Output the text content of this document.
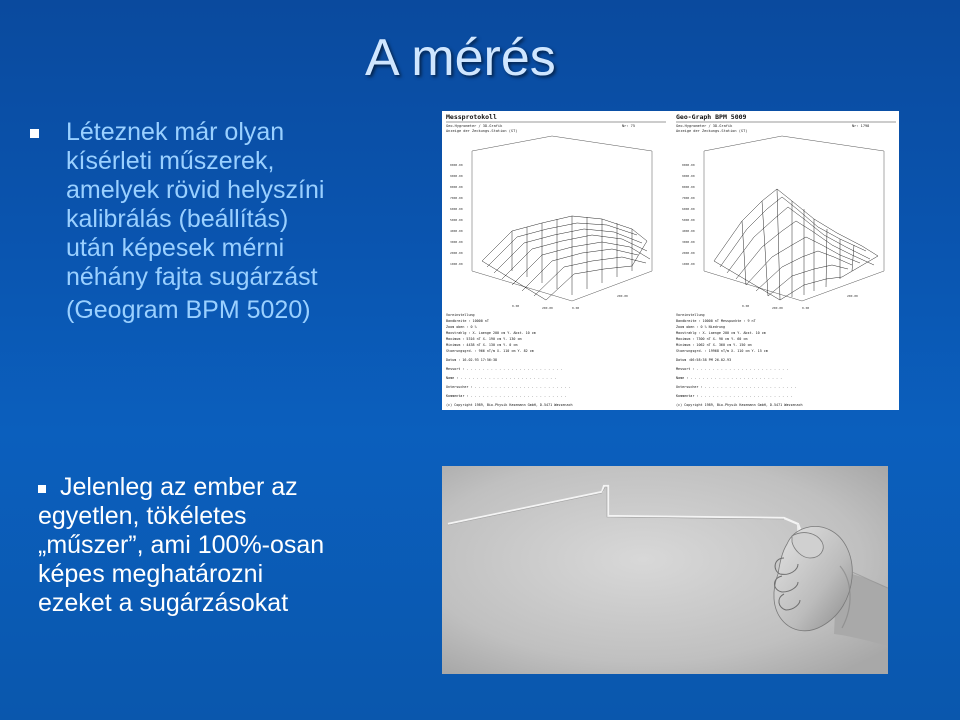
A mérés
Léteznek már olyan
kísérleti műszerek,
amelyek rövid helyszíni
kalibrálás (beállítás)
után képesek mérni
néhány fajta sugárzást
(Geogram BPM 5020)
Jelenleg az ember az
egyetlen, tökéletes
„műszer”, ami 100%-osan
képes meghatározni
ezeket a sugárzásokat
Messprotokoll
Geo-Hygrometer / 3D-Grafik
Anzeige der Zeckungs-Station (ST)
Nr: 75
0000.00
9000.00
8000.00
7000.00
6000.00
5000.00
4000.00
3000.00
2000.00
1000.00
0.00	200.00	0.00
200.00
Voreinstellung
Bandbreite : 10000 nT
Zoom oben : 0 %
Maxstrahlg : X- Laenge 200 cm Y- Abst. 10 cm
Maximum : 5316 nT X- 190 cm Y- 130 cm
Minimum : 4438 nT X- 130 cm Y- 0 cm
Stoerungsgrd. : 966 nT/m X- 110 cm Y- 82 cm
Datum : 16.02.93 17:56:38
Messort : . . . . . . . . . . . . . . . . . . . . . . . .
Name : . . . . . . . . . . . . . . . . . . . . . . . .
Untersucher : . . . . . . . . . . . . . . . . . . . . . . . .
Kommentar : . . . . . . . . . . . . . . . . . . . . . . . .
(c) Copyright 1989, Bio-Physik Hasemann GmbH, D-5471 Wassenach
Geo-Graph BPM 5009
Geo-Hygrometer / 3D-Grafik
Anzeige der Zeckungs-Station (ST)
Nr: 1798
0000.00
9000.00
8000.00
7000.00
6000.00
5000.00
4000.00
3000.00
2000.00
1000.00
0.00	200.00	0.00
200.00
Voreinstellung
Bandbreite : 10000 nT Messpunkte : 9 nT
Zoom oben : 0 % Niedrung
Maxstrahlg : X- Laenge 200 cm Y- Abst. 10 cm
Maximum : 7300 nT X- 90 cm Y- 60 cm
Minimum : 1062 nT X- 360 cm Y- 150 cm
Stoerungsgrd. : 19968 nT/m X- 110 cm Y- 15 cm
Datum :06:58:38 PM 26.02.93
Messort : . . . . . . . . . . . . . . . . . . . . . . .
Name : . . . . . . . . . . . . . . . . . . . . . . .
Untersucher : . . . . . . . . . . . . . . . . . . . . . . .
Kommentar : . . . . . . . . . . . . . . . . . . . . . . .
(c) Copyright 1989, Bio-Physik Hasemann GmbH, D-5471 Wassenach
